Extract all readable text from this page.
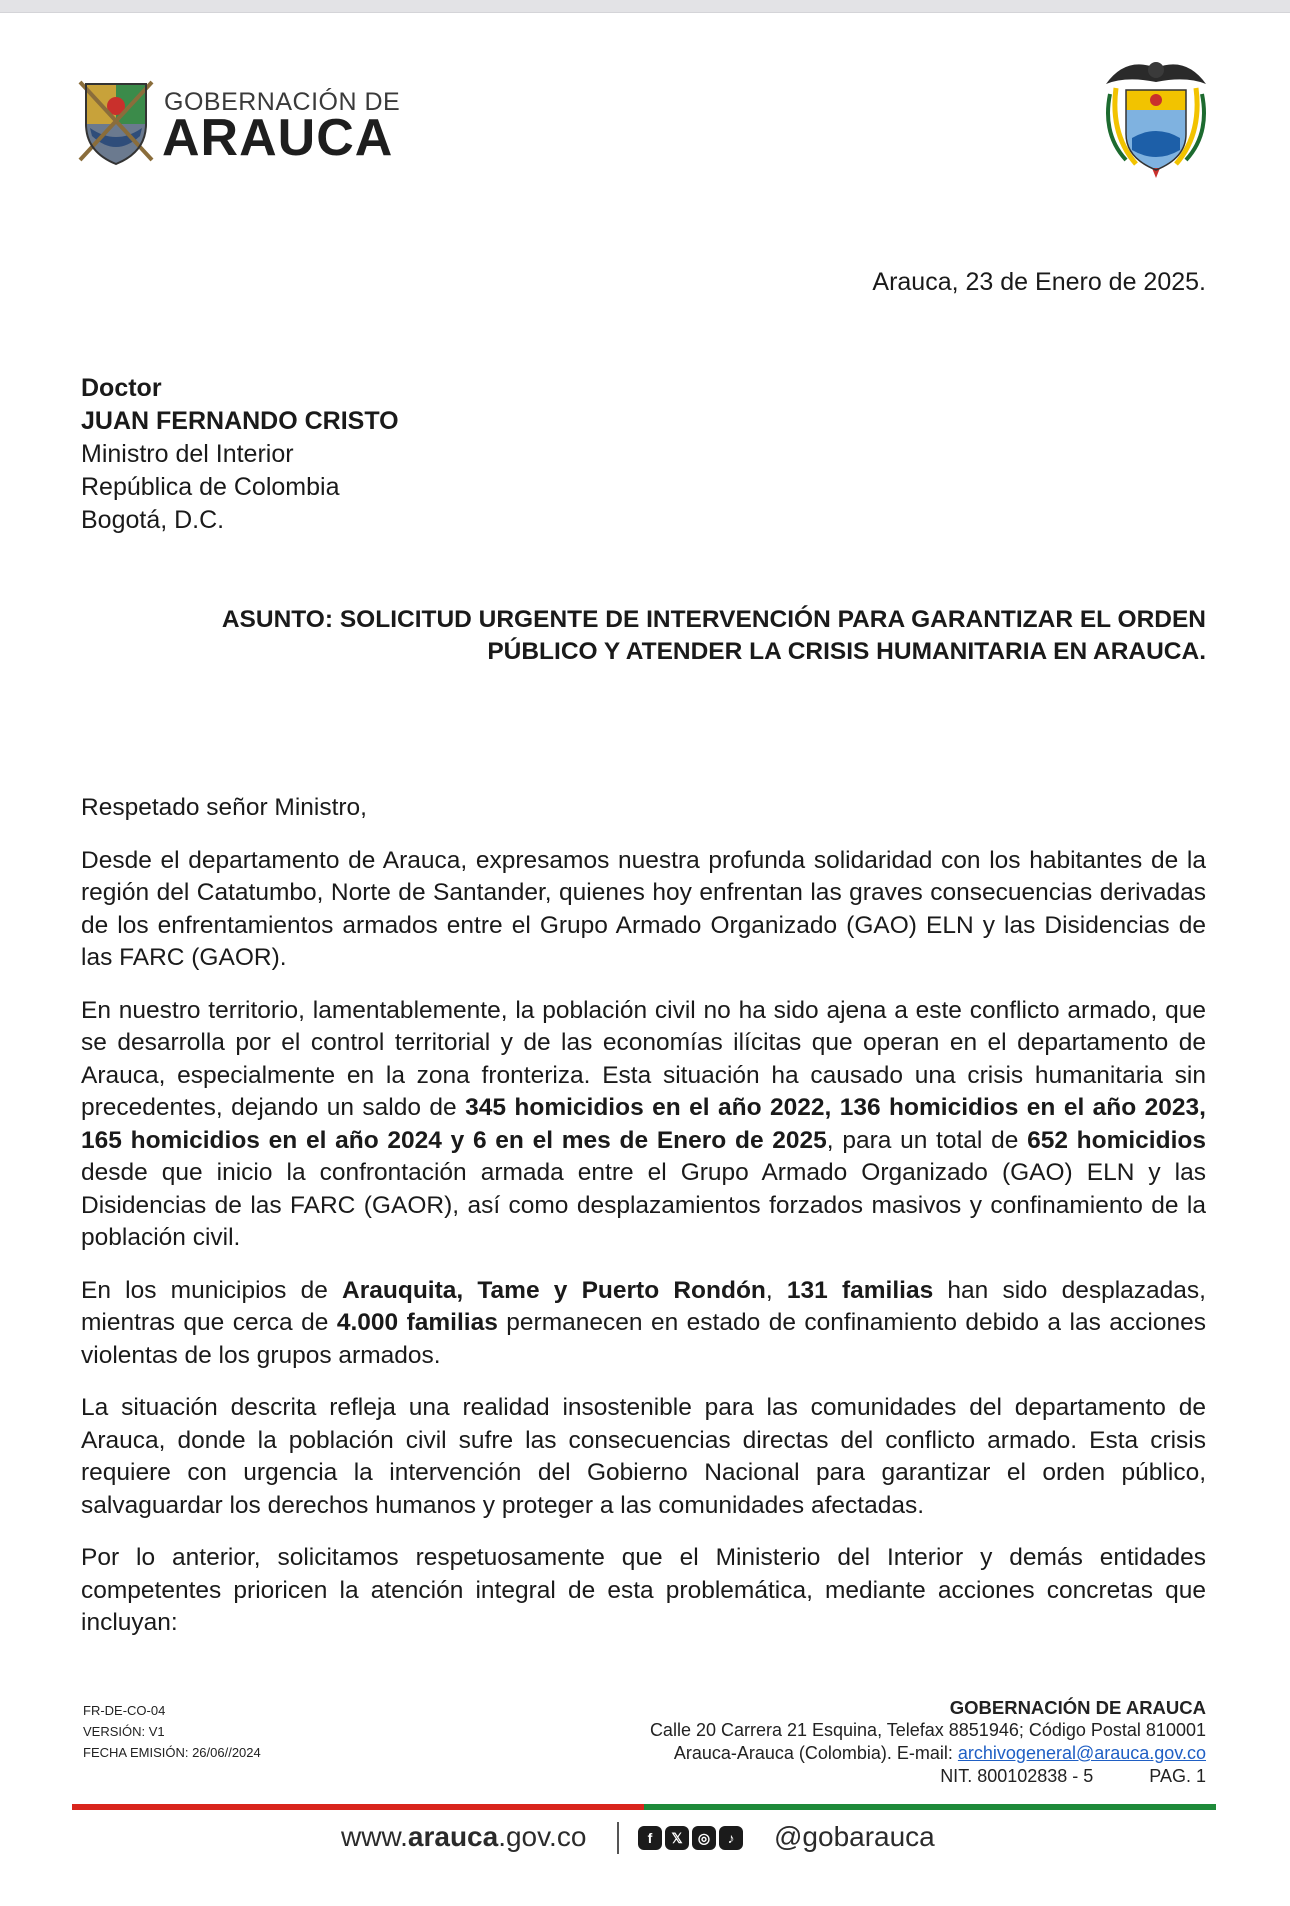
GOBERNACIÓN DE
ARAUCA
Arauca, 23 de Enero de 2025.
Doctor
JUAN FERNANDO CRISTO
Ministro del Interior
República de Colombia
Bogotá, D.C.
ASUNTO: SOLICITUD URGENTE DE INTERVENCIÓN PARA GARANTIZAR EL ORDEN
PÚBLICO Y ATENDER LA CRISIS HUMANITARIA EN ARAUCA.

Respetado señor Ministro,

Desde el departamento de Arauca, expresamos nuestra profunda solidaridad con los habitantes de la región del Catatumbo, Norte de Santander, quienes hoy enfrentan las graves consecuencias derivadas de los enfrentamientos armados entre el Grupo Armado Organizado (GAO) ELN y las Disidencias de las FARC (GAOR).

En nuestro territorio, lamentablemente, la población civil no ha sido ajena a este conflicto armado, que se desarrolla por el control territorial y de las economías ilícitas que operan en el departamento de Arauca, especialmente en la zona fronteriza. Esta situación ha causado una crisis humanitaria sin precedentes, dejando un saldo de 345 homicidios en el año 2022, 136 homicidios en el año 2023, 165 homicidios en el año 2024 y 6 en el mes de Enero de 2025, para un total de 652 homicidios desde que inicio la confrontación armada entre el Grupo Armado Organizado (GAO) ELN y las Disidencias de las FARC (GAOR), así como desplazamientos forzados masivos y confinamiento de la población civil.

En los municipios de Arauquita, Tame y Puerto Rondón, 131 familias han sido desplazadas, mientras que cerca de 4.000 familias permanecen en estado de confinamiento debido a las acciones violentas de los grupos armados.

La situación descrita refleja una realidad insostenible para las comunidades del departamento de Arauca, donde la población civil sufre las consecuencias directas del conflicto armado. Esta crisis requiere con urgencia la intervención del Gobierno Nacional para garantizar el orden público, salvaguardar los derechos humanos y proteger a las comunidades afectadas.

Por lo anterior, solicitamos respetuosamente que el Ministerio del Interior y demás entidades competentes prioricen la atención integral de esta problemática, mediante acciones concretas que incluyan:

FR-DE-CO-04
VERSIÓN: V1
FECHA EMISIÓN: 26/06//2024
GOBERNACIÓN DE ARAUCA
Calle 20 Carrera 21 Esquina, Telefax 8851946; Código Postal 810001
Arauca-Arauca (Colombia). E-mail: archivogeneral@arauca.gov.co
NIT. 800102838 - 5	PAG. 1
www.arauca.gov.co	f	𝕏	◎	♪	@gobarauca
